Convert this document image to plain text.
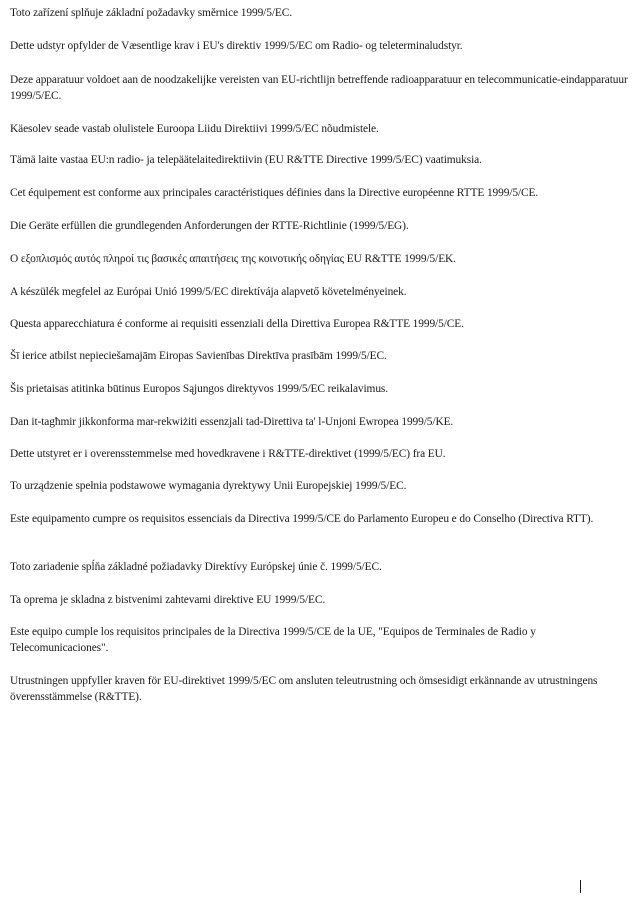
Toto zařízení splňuje základní požadavky směrnice 1999/5/EC.

Dette udstyr opfylder de Væsentlige krav i EU's direktiv 1999/5/EC om Radio- og teleterminaludstyr.

Deze apparatuur voldoet aan de noodzakelijke vereisten van EU-richtlijn betreffende radioapparatuur en telecommunicatie-eindapparatuur 1999/5/EC.

Käesolev seade vastab olulistele Euroopa Liidu Direktiivi 1999/5/EC nõudmistele.

Tämä laite vastaa EU:n radio- ja telepäätelaitedirektiivin (EU R&TTE Directive 1999/5/EC) vaatimuksia.

Cet équipement est conforme aux principales caractéristiques définies dans la Directive européenne RTTE 1999/5/CE.

Die Geräte erfüllen die grundlegenden Anforderungen der RTTE-Richtlinie (1999/5/EG).

Ο εξοπλισμός αυτός πληροί τις βασικές απαιτήσεις της κοινοτικής οδηγίας EU R&TTE 1999/5/EK.

A készülék megfelel az Európai Unió 1999/5/EC direktívája alapvető követelményeinek.

Questa apparecchiatura é conforme ai requisiti essenziali della Direttiva Europea R&TTE 1999/5/CE.

Šī iericе atbilst nepieciešamajām Eiropas Savienības Direktīva prasībām 1999/5/EC.

Šis prietaisas atitinka būtinus Europos Sąjungos direktyvos 1999/5/EC reikalavimus.

Dan it-tagħmir jikkonforma mar-rekwiżiti essenzjali tad-Direttiva ta' l-Unjoni Ewropea 1999/5/KE.

Dette utstyret er i overensstemmelse med hovedkravene i R&TTE-direktivet (1999/5/EC) fra EU.

To urządzenie spełnia podstawowe wymagania dyrektywy Unii Europejskiej 1999/5/EC.

Este equipamento cumpre os requisitos essenciais da Directiva 1999/5/CE do Parlamento Europeu e do Conselho (Directiva RTT).

Toto zariadenie spĺňa základné požiadavky Direktívy Európskej únie č. 1999/5/EC.

Ta oprema je skladna z bistvenimi zahtevami direktive EU 1999/5/EC.

Este equipo cumple los requisitos principales de la Directiva 1999/5/CE de la UE, "Equipos de Terminales de Radio y Telecomunicaciones".

Utrustningen uppfyller kraven för EU-direktivet 1999/5/EC om ansluten teleutrustning och ömsesidigt erkännande av utrustningens överensstämmelse (R&TTE).
